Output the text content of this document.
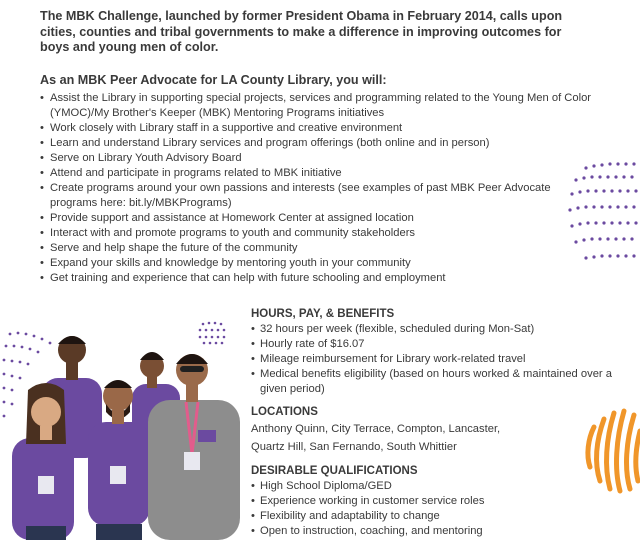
The MBK Challenge, launched by former President Obama in February 2014, calls upon cities, counties and tribal governments to make a difference in improving outcomes for boys and young men of color.

As an MBK Peer Advocate for LA County Library, you will:

• Assist the Library in supporting special projects, services and programming related to the Young Men of Color (YMOC)/My Brother's Keeper (MBK) Mentoring Programs initiatives
• Work closely with Library staff in a supportive and creative environment
• Learn and understand Library services and program offerings (both online and in person)
• Serve on Library Youth Advisory Board
• Attend and participate in programs related to MBK initiative
• Create programs around your own passions and interests (see examples of past MBK Peer Advocate programs here: bit.ly/MBKPrograms)
• Provide support and assistance at Homework Center at assigned location
• Interact with and promote programs to youth and community stakeholders
• Serve and help shape the future of the community
• Expand your skills and knowledge by mentoring youth in your community
• Get training and experience that can help with future schooling and employment

HOURS, PAY, & BENEFITS

• 32 hours per week (flexible, scheduled during Mon-Sat)
• Hourly rate of $16.07
• Mileage reimbursement for Library work-related travel
• Medical benefits eligibility (based on hours worked & maintained over a given period)

LOCATIONS

Anthony Quinn, City Terrace, Compton, Lancaster, Quartz Hill, San Fernando, South Whittier

DESIRABLE QUALIFICATIONS

• High School Diploma/GED
• Experience working in customer service roles
• Flexibility and adaptability to change
• Open to instruction, coaching, and mentoring
